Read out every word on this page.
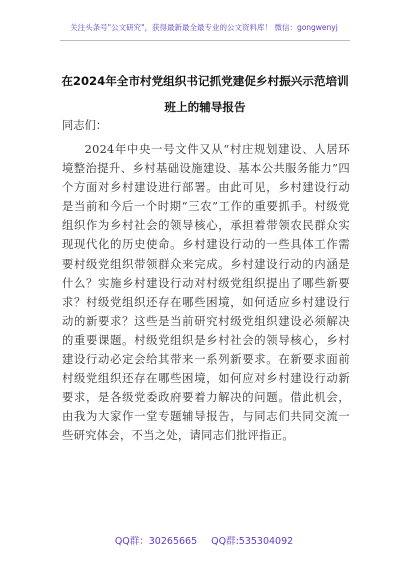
关注头条号"公文研究"，获得最新最全最专业的公文资料库！ 微信：gongwenyj
在2024年全市村党组织书记抓党建促乡村振兴示范培训班上的辅导报告
同志们：
2024年中央一号文件又从“村庄规划建设、人居环境整治提升、乡村基础设施建设、基本公共服务能力”四个方面对乡村建设进行部署。由此可见，乡村建设行动是当前和今后一个时期“三农”工作的重要抓手。村级党组织作为乡村社会的领导核心，承担着带领农民群众实现现代化的历史使命。乡村建设行动的一些具体工作需要村级党组织带领群众来完成。乡村建设行动的内涵是什么？实施乡村建设行动对村级党组织提出了哪些新要求？村级党组织还存在哪些困境，如何适应乡村建设行动的新要求？这些是当前研究村级党组织建设必须解决的重要课题。村级党组织是乡村社会的领导核心，乡村建设行动必定会给其带来一系列新要求。在新要求面前村级党组织还存在哪些困境，如何应对乡村建设行动新要求，是各级党委政府要着力解决的问题。借此机会，由我为大家作一堂专题辅导报告，与同志们共同交流一些研究体会，不当之处，请同志们批评指正。
QQ群：30265665 QQ群:535304092
